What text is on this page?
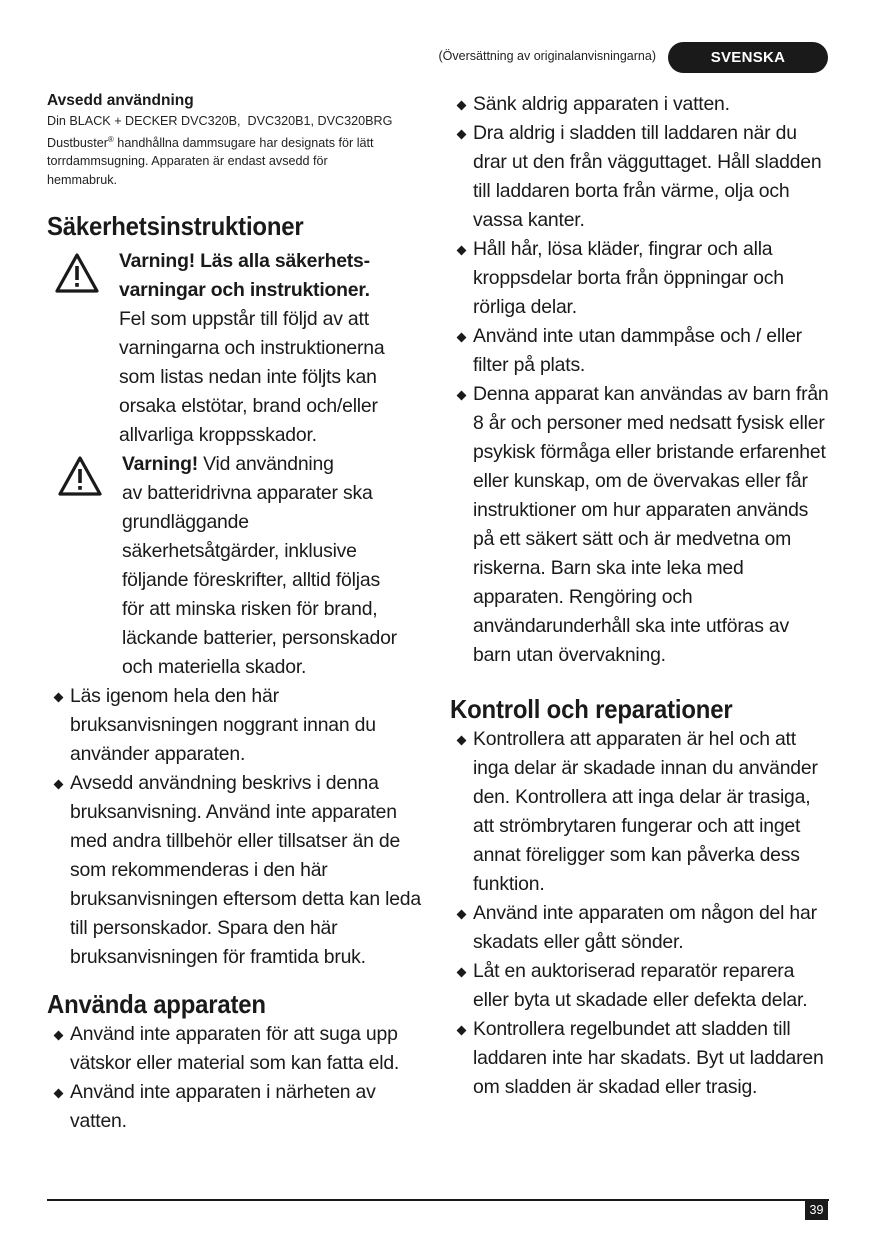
(Översättning av originalanvisningarna)	SVENSKA

Avsedd användning

Din BLACK + DECKER DVC320B,  DVC320B1, DVC320BRG
Dustbuster® handhållna dammsugare har designats för lätt
torrdammsugning. Apparaten är endast avsedd för
hemmabruk.

Säkerhetsinstruktioner
Varning! Läs alla säkerhets-
varningar och instruktioner.
Fel som uppstår till följd av att
varningarna och instruktionerna
som listas nedan inte följts kan
orsaka elstötar, brand och/eller
allvarliga kroppsskador.
Varning! Vid användning
av batteridrivna apparater ska
grundläggande
säkerhetsåtgärder, inklusive
följande föreskrifter, alltid följas
för att minska risken för brand,
läckande batterier, personskador
och materiella skador.
Läs igenom hela den här bruksanvisningen noggrant innan du använder apparaten.
Avsedd användning beskrivs i denna bruksanvisning. Använd inte apparaten med andra tillbehör eller tillsatser än de som rekommenderas i den här bruksanvisningen eftersom detta kan leda till personskador. Spara den här bruksanvisningen för framtida bruk.
Använda apparaten
Använd inte apparaten för att suga upp vätskor eller material som kan fatta eld.
Använd inte apparaten i närheten av vatten.
Sänk aldrig apparaten i vatten.
Dra aldrig i sladden till laddaren när du drar ut den från vägguttaget. Håll sladden till laddaren borta från värme, olja och vassa kanter.
Håll hår, lösa kläder, fingrar och alla kroppsdelar borta från öppningar och rörliga delar.
Använd inte utan dammpåse och / eller filter på plats.
Denna apparat kan användas av barn från 8 år och personer med nedsatt fysisk eller psykisk förmåga eller bristande erfarenhet eller kunskap, om de övervakas eller får instruktioner om hur apparaten används på ett säkert sätt och är medvetna om riskerna. Barn ska inte leka med apparaten. Rengöring och användarunderhåll ska inte utföras av barn utan övervakning.
Kontroll och reparationer
Kontrollera att apparaten är hel och att inga delar är skadade innan du använder den. Kontrollera att inga delar är trasiga, att strömbrytaren fungerar och att inget annat föreligger som kan påverka dess funktion.
Använd inte apparaten om någon del har skadats eller gått sönder.
Låt en auktoriserad reparatör reparera eller byta ut skadade eller defekta delar.
Kontrollera regelbundet att sladden till laddaren inte har skadats. Byt ut laddaren om sladden är skadad eller trasig.
39
